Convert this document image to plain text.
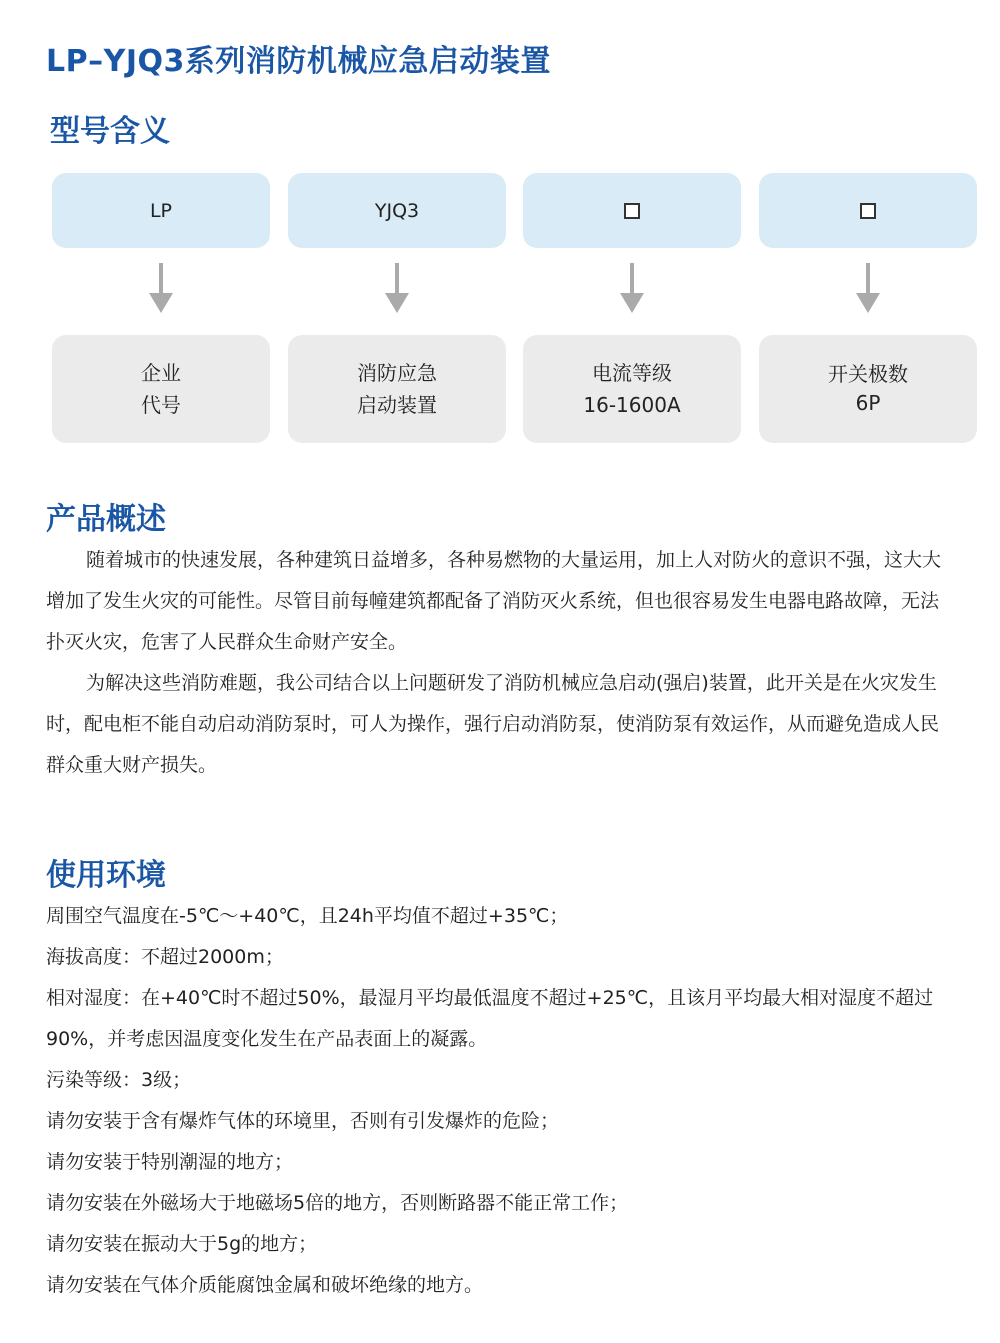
LP–YJQ3系列消防机械应急启动装置
型号含义
LP	YJQ3
企业
代号
消防应急
启动装置
电流等级
16-1600A
开关极数
6P
产品概述

随着城市的快速发展，各种建筑日益增多，各种易燃物的大量运用，加上人对防火的意识不强，这大大增加了发生火灾的可能性。尽管目前每幢建筑都配备了消防灭火系统，但也很容易发生电器电路故障，无法扑灭火灾，危害了人民群众生命财产安全。

为解决这些消防难题，我公司结合以上问题研发了消防机械应急启动(强启)装置，此开关是在火灾发生时，配电柜不能自动启动消防泵时，可人为操作，强行启动消防泵，使消防泵有效运作，从而避免造成人民群众重大财产损失。

使用环境

周围空气温度在-5℃～+40℃，且24h平均值不超过+35℃；

海拔高度：不超过2000m；

相对湿度：在+40℃时不超过50%，最湿月平均最低温度不超过+25℃，且该月平均最大相对湿度不超过90%，并考虑因温度变化发生在产品表面上的凝露。

污染等级：3级；

请勿安装于含有爆炸气体的环境里，否则有引发爆炸的危险；

请勿安装于特别潮湿的地方；

请勿安装在外磁场大于地磁场5倍的地方，否则断路器不能正常工作；

请勿安装在振动大于5g的地方；

请勿安装在气体介质能腐蚀金属和破坏绝缘的地方。
